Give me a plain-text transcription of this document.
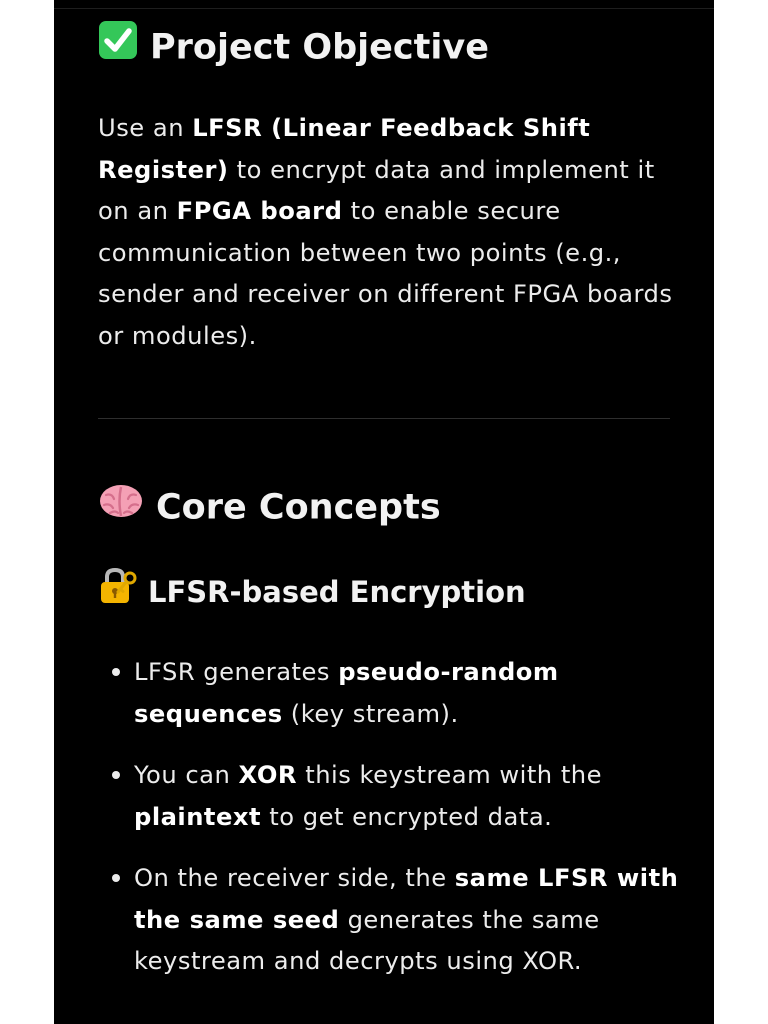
Project Objective

Use an LFSR (Linear Feedback Shift Register) to encrypt data and implement it on an FPGA board to enable secure communication between two points (e.g., sender and receiver on different FPGA boards or modules).

Core Concepts
LFSR-based Encryption
LFSR generates pseudo-random sequences (key stream).
You can XOR this keystream with the plaintext to get encrypted data.
On the receiver side, the same LFSR with the same seed generates the same keystream and decrypts using XOR.
